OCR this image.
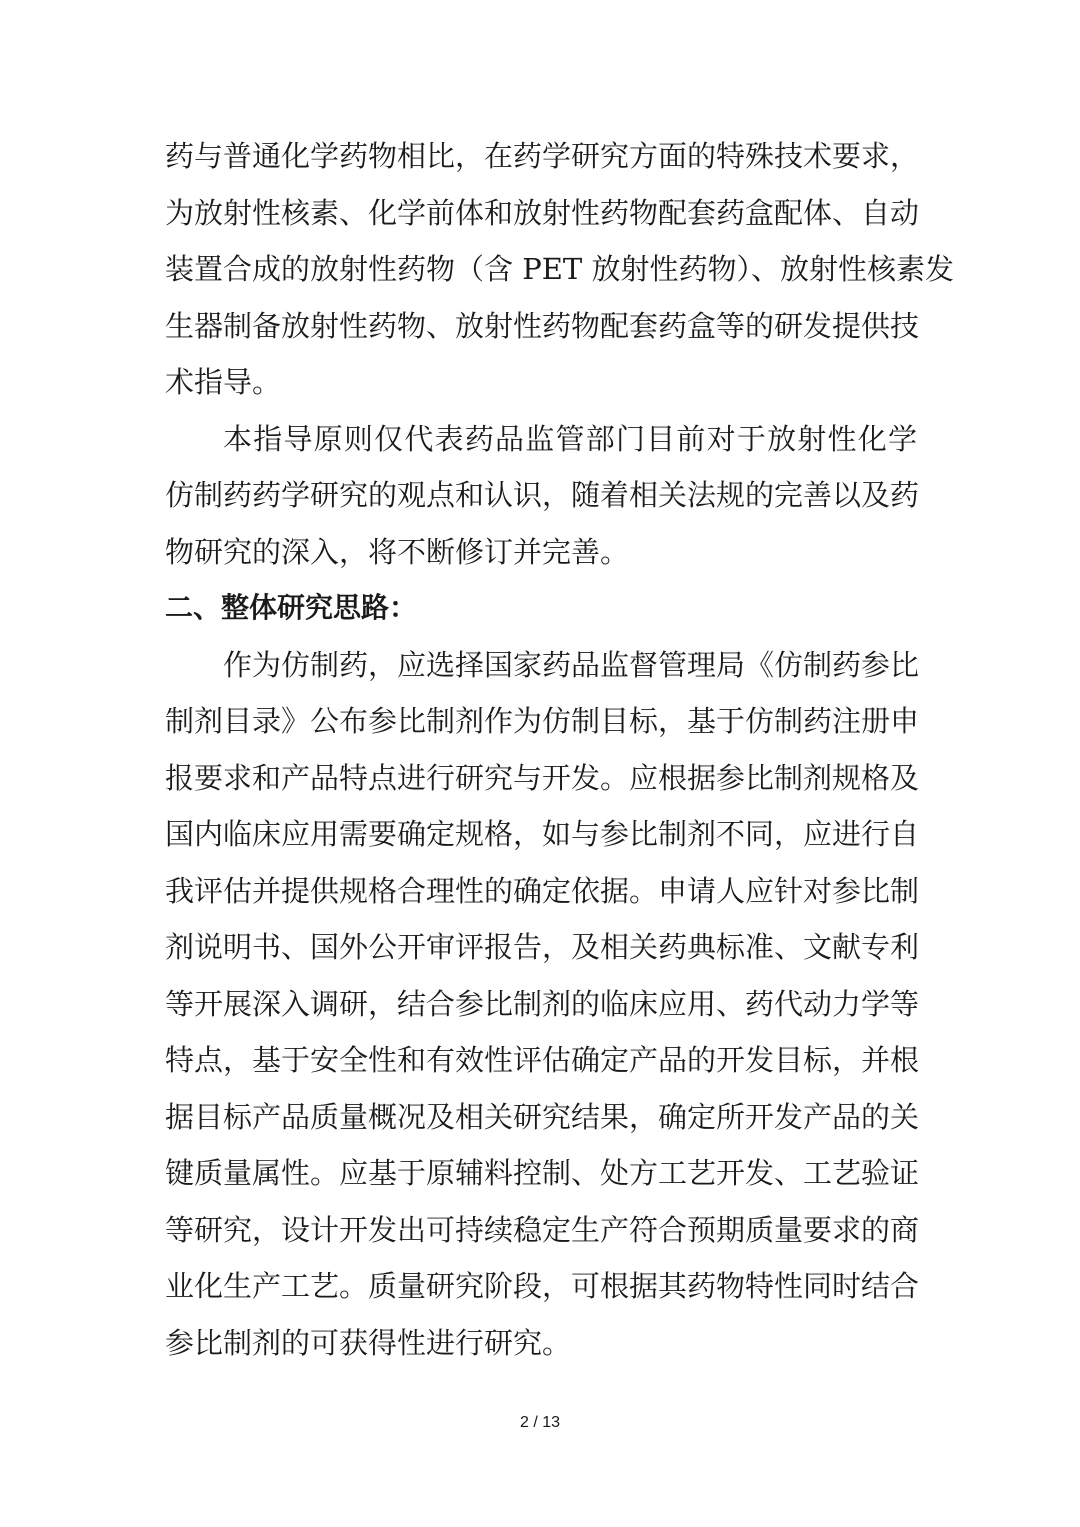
药与普通化学药物相比，在药学研究方面的特殊技术要求，
为放射性核素、化学前体和放射性药物配套药盒配体、自动
装置合成的放射性药物（含 PET 放射性药物）、放射性核素发
生器制备放射性药物、放射性药物配套药盒等的研发提供技
术指导。
本指导原则仅代表药品监管部门目前对于放射性化学
仿制药药学研究的观点和认识，随着相关法规的完善以及药
物研究的深入，将不断修订并完善。
二、整体研究思路：
作为仿制药，应选择国家药品监督管理局《仿制药参比
制剂目录》公布参比制剂作为仿制目标，基于仿制药注册申
报要求和产品特点进行研究与开发。应根据参比制剂规格及
国内临床应用需要确定规格，如与参比制剂不同，应进行自
我评估并提供规格合理性的确定依据。申请人应针对参比制
剂说明书、国外公开审评报告，及相关药典标准、文献专利
等开展深入调研，结合参比制剂的临床应用、药代动力学等
特点，基于安全性和有效性评估确定产品的开发目标，并根
据目标产品质量概况及相关研究结果，确定所开发产品的关
键质量属性。应基于原辅料控制、处方工艺开发、工艺验证
等研究，设计开发出可持续稳定生产符合预期质量要求的商
业化生产工艺。质量研究阶段，可根据其药物特性同时结合
参比制剂的可获得性进行研究。
2 / 13
